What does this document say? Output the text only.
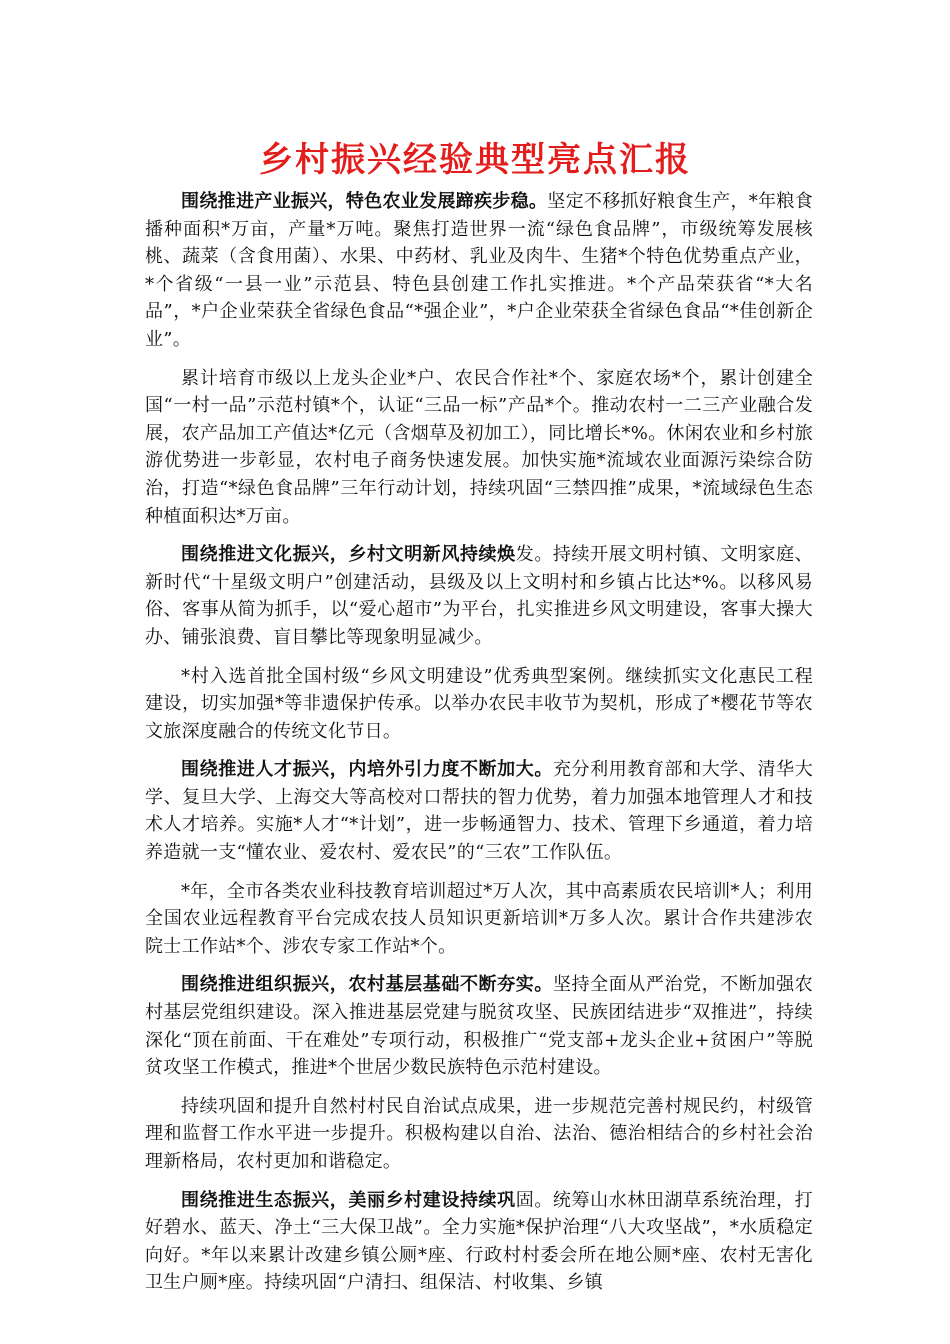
乡村振兴经验典型亮点汇报

围绕推进产业振兴，特色农业发展蹄疾步稳。坚定不移抓好粮食生产，*年粮食播种面积*万亩，产量*万吨。聚焦打造世界一流“绿色食品牌”，市级统筹发展核桃、蔬菜（含食用菌）、水果、中药材、乳业及肉牛、生猪*个特色优势重点产业，*个省级“一县一业”示范县、特色县创建工作扎实推进。*个产品荣获省“*大名品”，*户企业荣获全省绿色食品“*强企业”，*户企业荣获全省绿色食品“*佳创新企业”。

累计培育市级以上龙头企业*户、农民合作社*个、家庭农场*个，累计创建全国“一村一品”示范村镇*个，认证“三品一标”产品*个。推动农村一二三产业融合发展，农产品加工产值达*亿元（含烟草及初加工），同比增长*%。休闲农业和乡村旅游优势进一步彰显，农村电子商务快速发展。加快实施*流域农业面源污染综合防治，打造“*绿色食品牌”三年行动计划，持续巩固“三禁四推”成果，*流域绿色生态种植面积达*万亩。

围绕推进文化振兴，乡村文明新风持续焕发。持续开展文明村镇、文明家庭、新时代“十星级文明户”创建活动，县级及以上文明村和乡镇占比达*%。以移风易俗、客事从简为抓手，以“爱心超市”为平台，扎实推进乡风文明建设，客事大操大办、铺张浪费、盲目攀比等现象明显减少。

*村入选首批全国村级“乡风文明建设”优秀典型案例。继续抓实文化惠民工程建设，切实加强*等非遗保护传承。以举办农民丰收节为契机，形成了*樱花节等农文旅深度融合的传统文化节日。

围绕推进人才振兴，内培外引力度不断加大。充分利用教育部和大学、清华大学、复旦大学、上海交大等高校对口帮扶的智力优势，着力加强本地管理人才和技术人才培养。实施*人才“*计划”，进一步畅通智力、技术、管理下乡通道，着力培养造就一支“懂农业、爱农村、爱农民”的“三农”工作队伍。

*年，全市各类农业科技教育培训超过*万人次，其中高素质农民培训*人；利用全国农业远程教育平台完成农技人员知识更新培训*万多人次。累计合作共建涉农院士工作站*个、涉农专家工作站*个。

围绕推进组织振兴，农村基层基础不断夯实。坚持全面从严治党，不断加强农村基层党组织建设。深入推进基层党建与脱贫攻坚、民族团结进步“双推进”，持续深化“顶在前面、干在难处”专项行动，积极推广“党支部+龙头企业+贫困户”等脱贫攻坚工作模式，推进*个世居少数民族特色示范村建设。

持续巩固和提升自然村村民自治试点成果，进一步规范完善村规民约，村级管理和监督工作水平进一步提升。积极构建以自治、法治、德治相结合的乡村社会治理新格局，农村更加和谐稳定。

围绕推进生态振兴，美丽乡村建设持续巩固。统筹山水林田湖草系统治理，打好碧水、蓝天、净土“三大保卫战”。全力实施*保护治理“八大攻坚战”，*水质稳定向好。*年以来累计改建乡镇公厕*座、行政村村委会所在地公厕*座、农村无害化卫生户厕*座。持续巩固“户清扫、组保洁、村收集、乡镇
